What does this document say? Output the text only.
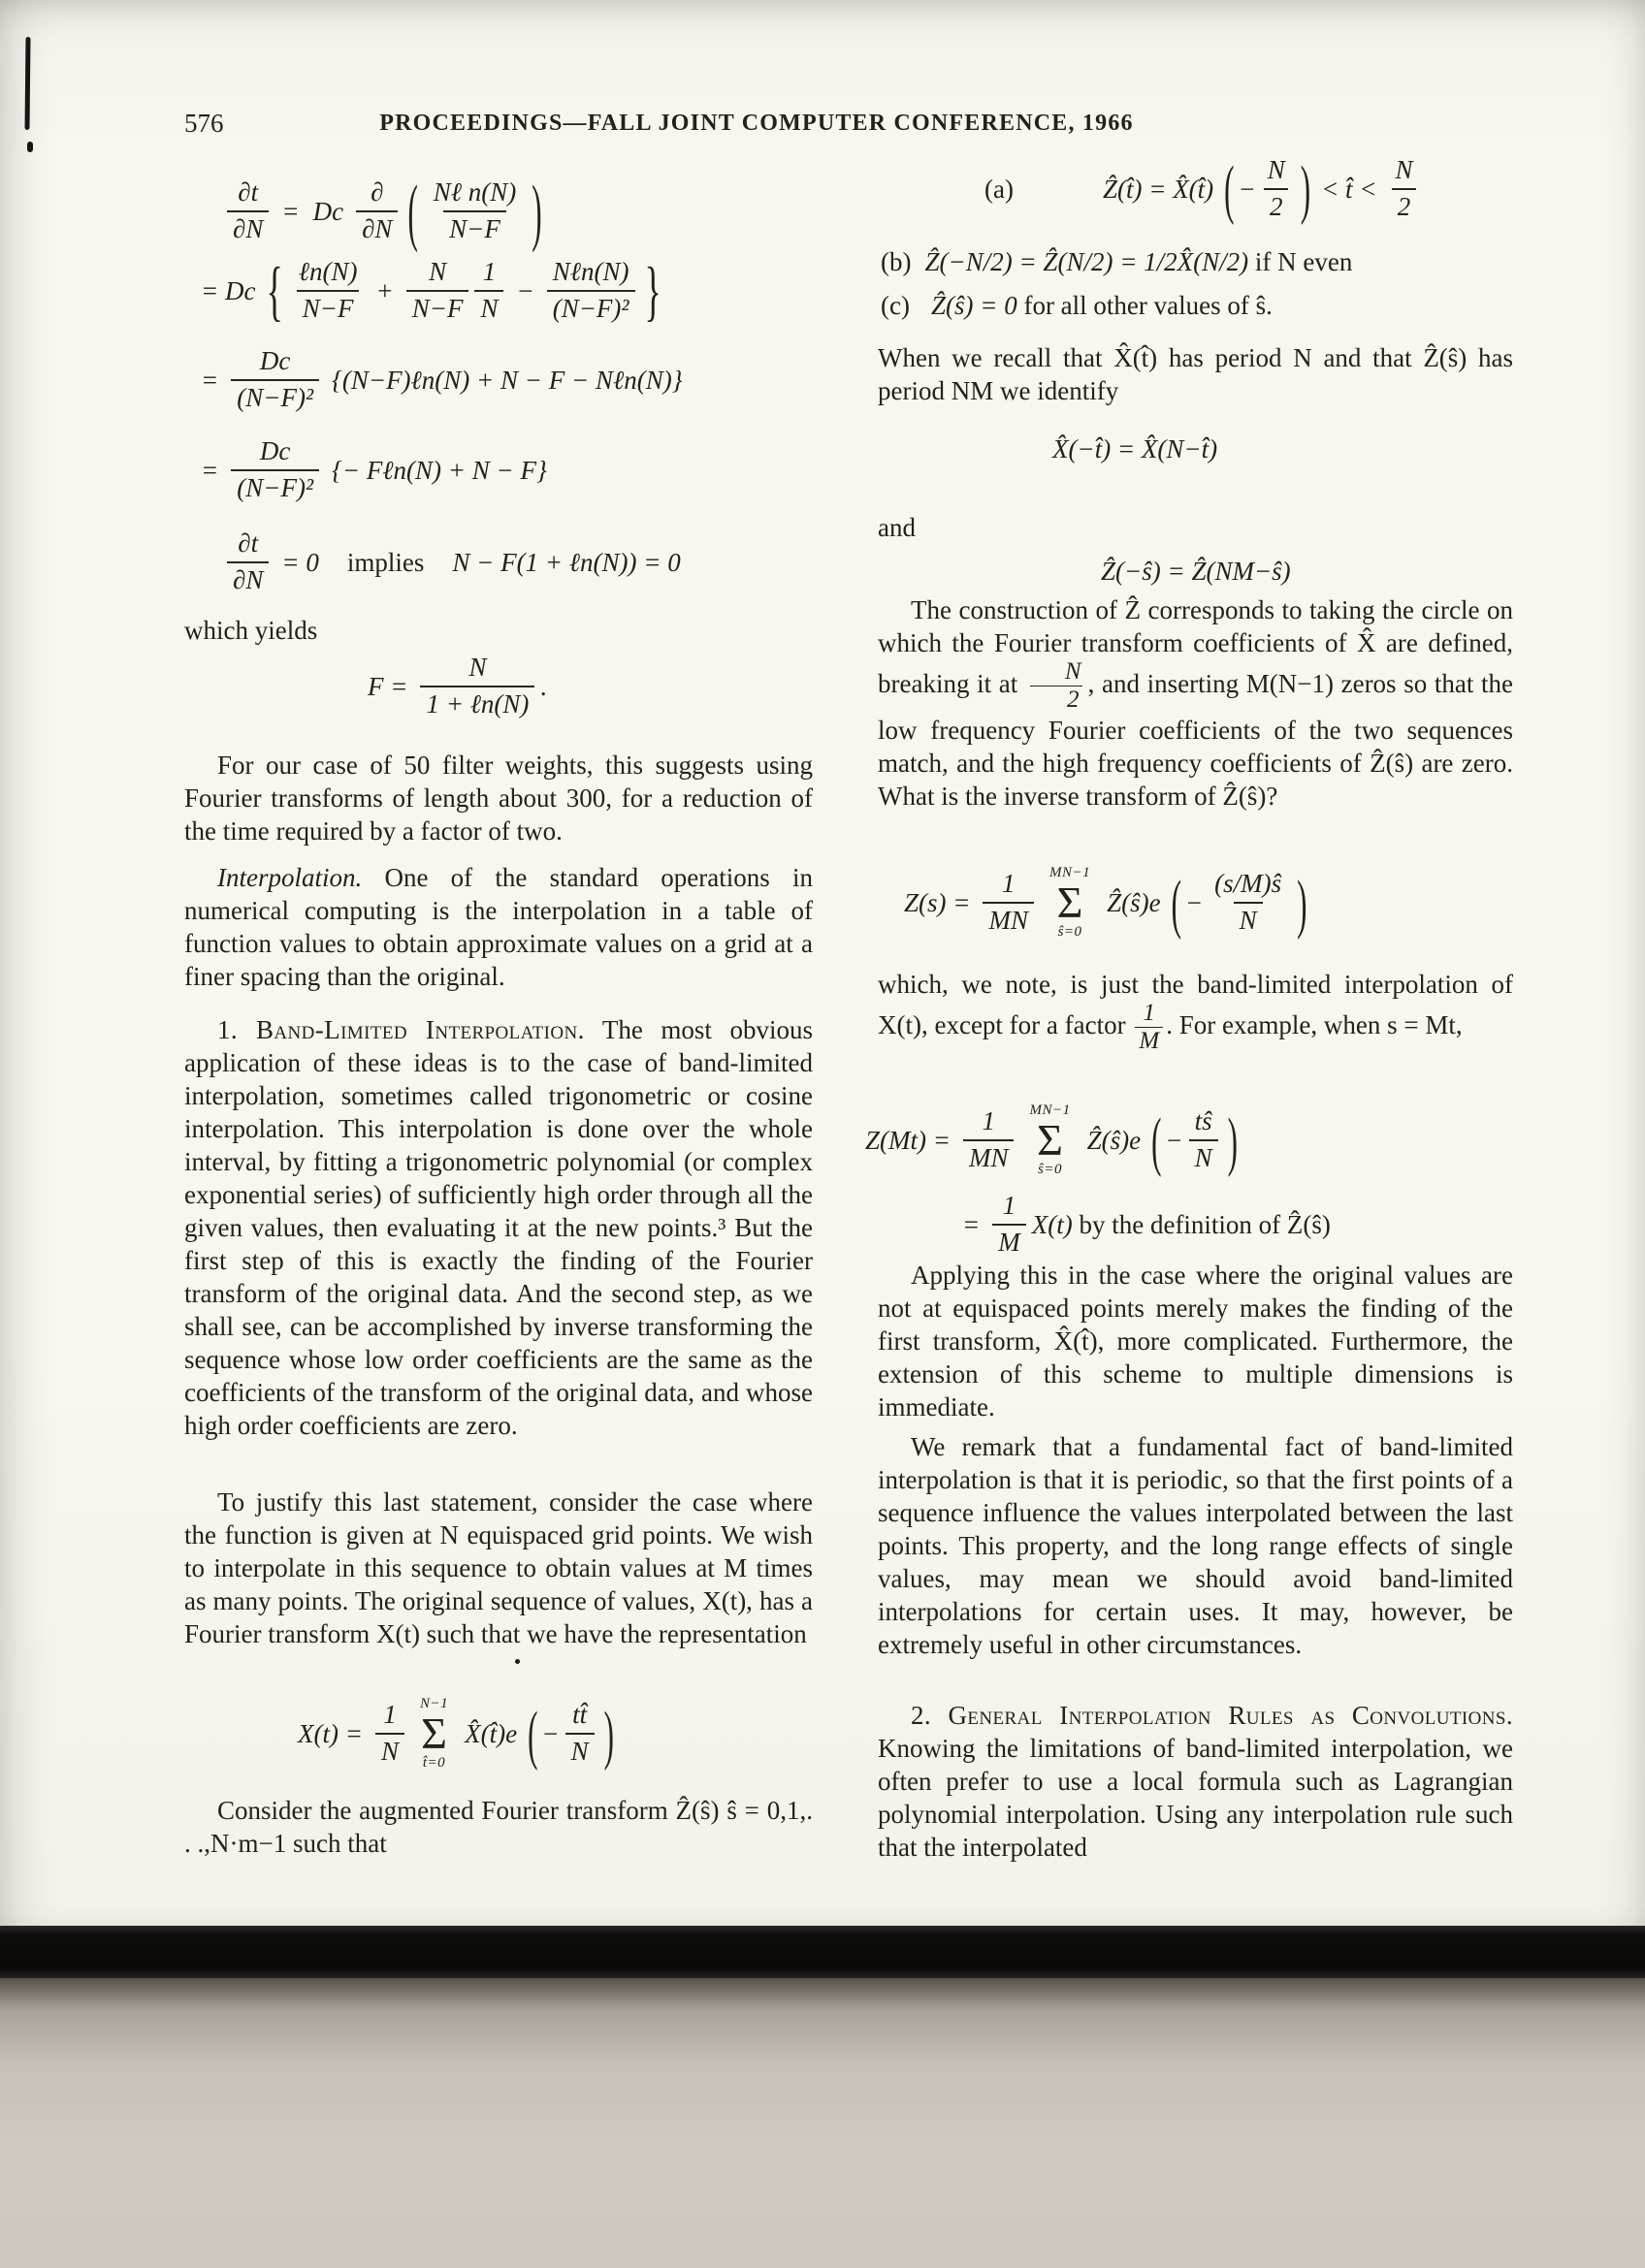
576	PROCEEDINGS—FALL JOINT COMPUTER CONFERENCE, 1966
$\frac{\partial t}{\partial N} = Dc \frac{\partial}{\partial N}$ ( $\frac{\text{Nℓ n(N)}}{N-F}$ )
= Dc { $\frac{\text{ℓn(N)}}{N-F} + \frac{N}{N-F} \frac{1}{N} - \frac{\text{Nℓn(N)}}{\text{(N−F)²}}$ }
= $\frac{Dc}{\text{(N−F)²}}$ {(N−F)ℓn(N) + N − F − Nℓn(N)}
= $\frac{Dc}{\text{(N−F)²}}$ {− Fℓn(N) + N − F}
$\frac{\partial t}{\partial N} = 0$ implies N − F(1 + ℓn(N)) = 0
which yields
$F = \frac{N}{\text{1 + ℓn(N)}}$ .
For our case of 50 filter weights, this suggests using Fourier transforms of length about 300, for a reduction of the time required by a factor of two.
Interpolation. One of the standard operations in numerical computing is the interpolation in a table of function values to obtain approximate values on a grid at a finer spacing than the original.
1. Band-Limited Interpolation. The most obvious application of these ideas is to the case of band-limited interpolation, sometimes called trigonometric or cosine interpolation. This interpolation is done over the whole interval, by fitting a trigonometric polynomial (or complex exponential series) of sufficiently high order through all the given values, then evaluating it at the new points.³ But the first step of this is exactly the finding of the Fourier transform of the original data. And the second step, as we shall see, can be accomplished by inverse transforming the sequence whose low order coefficients are the same as the coefficients of the transform of the original data, and whose high order coefficients are zero.
To justify this last statement, consider the case where the function is given at N equispaced grid points. We wish to interpolate in this sequence to obtain values at M times as many points. The original sequence of values, X(t), has a Fourier transform X(t) such that we have the representation
$X(t) = \frac{1}{N} N-1$
Σ
t̂=0
X̂(t̂)e ( − $\frac{tt̂}{N}$ )
Consider the augmented Fourier transform Ẑ(ŝ) ŝ = 0,1,. . .,N·m−1 such that
(a)	Ẑ(t̂) = X̂(t̂) ( − $\frac{N}{2}$ ) < t̂ < $\frac{N}{2}$
(b) Ẑ(−N/2) = Ẑ(N/2) = 1/2X̂(N/2) if N even
(c) Ẑ(ŝ) = 0 for all other values of ŝ.
When we recall that X̂(t̂) has period N and that Ẑ(ŝ) has period NM we identify
X̂(−t̂) = X̂(N−t̂)
and
Ẑ(−ŝ) = Ẑ(NM−ŝ)
The construction of Ẑ corresponds to taking the circle on which the Fourier transform coefficients of X̂ are defined, breaking it at $\frac{N}{2}$ , and inserting M(N−1) zeros so that the low frequency Fourier coefficients of the two sequences match, and the high frequency coefficients of Ẑ(ŝ) are zero. What is the inverse transform of Ẑ(ŝ)?
$Z(s) = \frac{1}{MN} MN-1$
Σ
ŝ=0
Ẑ(ŝ)e ( − $\frac{(s/M)ŝ}{N}$ )
which, we note, is just the band-limited interpolation of X(t), except for a factor $\frac{1}{M}$ . For example, when s = Mt,
$Z(Mt) = \frac{1}{MN} MN-1$
Σ
ŝ=0
Ẑ(ŝ)e ( − $\frac{tŝ}{N}$ )
= $\frac{1}{M} X(t)$ by the definition of Ẑ(ŝ)
Applying this in the case where the original values are not at equispaced points merely makes the finding of the first transform, X̂(t̂), more complicated. Furthermore, the extension of this scheme to multiple dimensions is immediate.
We remark that a fundamental fact of band-limited interpolation is that it is periodic, so that the first points of a sequence influence the values interpolated between the last points. This property, and the long range effects of single values, may mean we should avoid band-limited interpolations for certain uses. It may, however, be extremely useful in other circumstances.
2. General Interpolation Rules as Convolutions. Knowing the limitations of band-limited interpolation, we often prefer to use a local formula such as Lagrangian polynomial interpolation. Using any interpolation rule such that the interpolated
